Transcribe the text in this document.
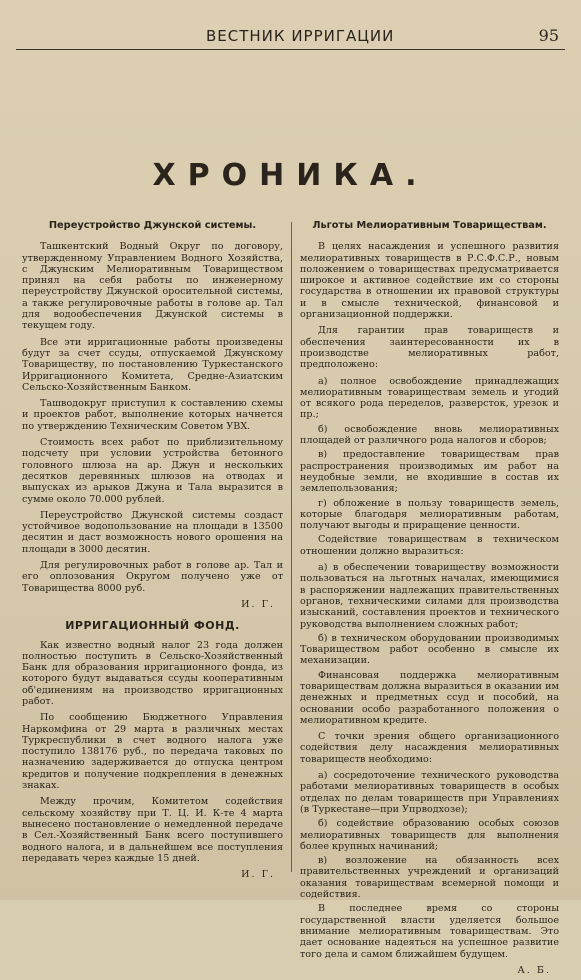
ВЕСТНИК ИРРИГАЦИИ	95
ХРОНИКА.
Переустройство Джунской системы.

Ташкентский Водный Округ по договору, утвержденному Управлением Водного Хозяйства, с Джунским Мелиоративным Товариществом принял на себя работы по инженерному переустройству Джунской оросительной системы, а также регулировочные работы в голове ар. Тал для водообеспечения Джунской системы в текущем году.

Все эти ирригационные работы произведены будут за счет ссуды, отпускаемой Джунскому Товариществу, по постановлению Туркестанского Ирригационного Комитета, Средне-Азиатским Сельско-Хозяйственным Банком.

Ташводокруг приступил к составлению схемы и проектов работ, выполнение которых начнется по утверждению Техническим Советом УВХ.

Стоимость всех работ по приблизительному подсчету при условии устройства бетонного головного шлюза на ар. Джун и нескольких десятков деревянных шлюзов на отводах и выпусках из арыков Джуна и Тала выразится в сумме около 70.000 рублей.

Переустройство Джунской системы создаст устойчивое водопользование на площади в 13500 десятин и даст возможность нового орошения на площади в 3000 десятин.

Для регулировочных работ в голове ар. Тал и его оплозования Округом получено уже от Товарищества 8000 руб.

И. Г.
ИРРИГАЦИОННЫЙ ФОНД.

Как известно водный налог 23 года должен полностью поступить в Сельско-Хозяйственный Банк для образования ирригационного фонда, из которого будут выдаваться ссуды кооперативным об'единениям на производство ирригационных работ.

По сообщению Бюджетного Управления Наркомфина от 29 марта в различных местах Туркреспублики в счет водного налога уже поступило 138176 руб., по передача таковых по назначению задерживается до отпуска центром кредитов и получение подкрепления в денежных знаках.

Между прочим, Комитетом содействия сельскому хозяйству при Т. Ц. И. К-те 4 марта вынесено постановление о немедленной передаче в Сел.-Хозяйственный Банк всего поступившего водного налога, и в дальнейшем все поступления передавать через каждые 15 дней.

И. Г.
Льготы Мелиоративным Товариществам.

В целях насаждения и успешного развития мелиоративных товариществ в Р.С.Ф.С.Р., новым положением о товариществах предусматривается широкое и активное содействие им со стороны государства в отношении их правовой структуры и в смысле технической, финансовой и организационной поддержки.

Для гарантии прав товариществ и обеспечения заинтересованности их в производстве мелиоративных работ, предположено:

а) полное освобождение принадлежащих мелиоративным товариществам земель и угодий от всякого рода переделов, разверсток, урезок и пр.;

б) освобождение вновь мелиоративных площадей от различного рода налогов и сборов;

в) предоставление товариществам прав распространения производимых им работ на неудобные земли, не входившие в состав их землепользования;

г) обложение в пользу товариществ земель, которые благодаря мелиоративным работам, получают выгоды и приращение ценности.

Содействие товариществам в техническом отношении должно выразиться:

а) в обеспечении товариществу возможности пользоваться на льготных началах, имеющимися в распоряжении надлежащих правительственных органов, техническими силами для производства изысканий, составления проектов и технического руководства выполнением сложных работ;

б) в техническом оборудовании производимых Товариществом работ особенно в смысле их механизации.

Финансовая поддержка мелиоративным товариществам должна выразиться в оказании им денежных и предметных ссуд и пособий, на основании особо разработанного положения о мелиоративном кредите.

С точки зрения общего организационного содействия делу насаждения мелиоративных товариществ необходимо:

а) сосредоточение технического руководства работами мелиоративных товариществ в особых отделах по делам товариществ при Управлениях (в Туркестане—при Упрводхозе);

б) содействие образованию особых союзов мелиоративных товариществ для выполнения более крупных начинаний;

в) возложение на обязанность всех правительственных учреждений и организаций оказания товариществам всемерной помощи и содействия.

В последнее время со стороны государственной власти уделяется большое внимание мелиоративным товариществам. Это дает основание надеяться на успешное развитие того дела и самом ближайшем будущем.

А. Б.
